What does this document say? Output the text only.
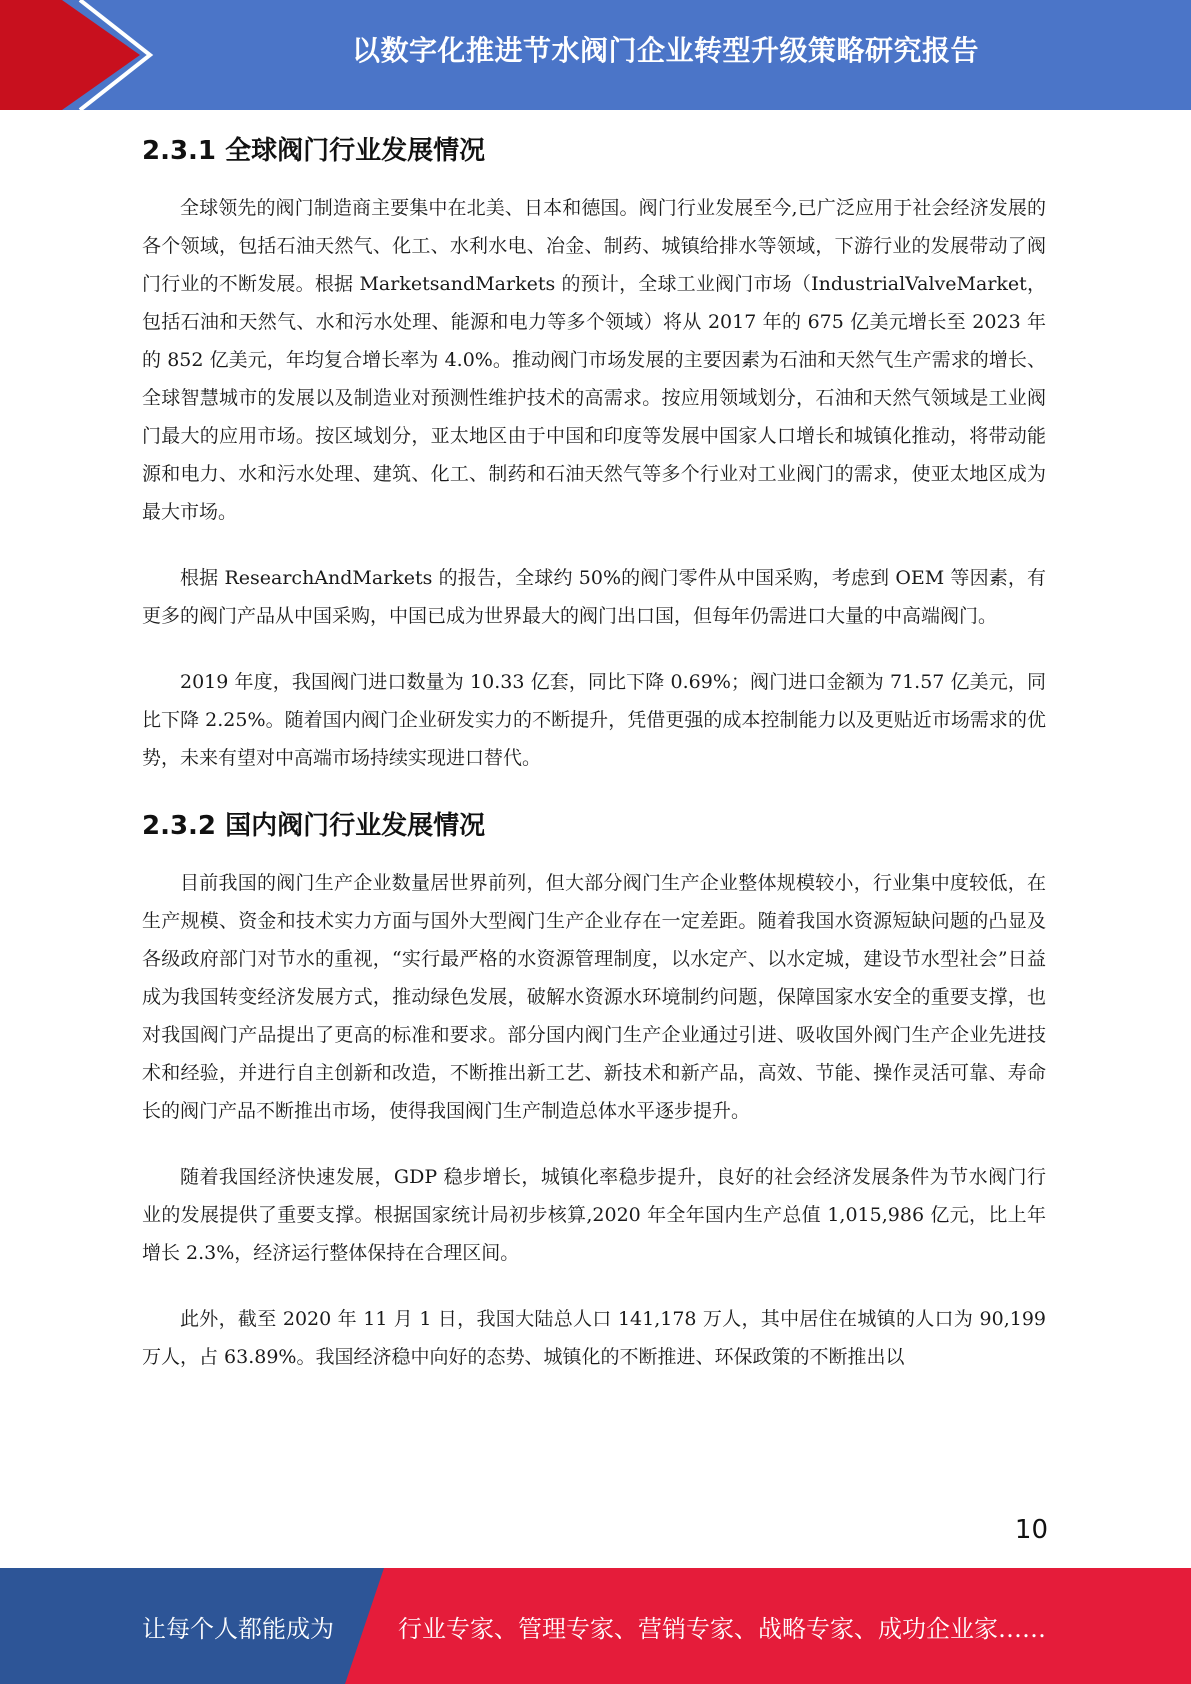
以数字化推进节水阀门企业转型升级策略研究报告
2.3.1 全球阀门行业发展情况

全球领先的阀门制造商主要集中在北美、日本和德国。阀门行业发展至今,已广泛应用于社会经济发展的各个领域，包括石油天然气、化工、水利水电、冶金、制药、城镇给排水等领域，下游行业的发展带动了阀门行业的不断发展。根据 MarketsandMarkets 的预计，全球工业阀门市场（IndustrialValveMarket，包括石油和天然气、水和污水处理、能源和电力等多个领域）将从 2017 年的 675 亿美元增长至 2023 年的 852 亿美元，年均复合增长率为 4.0%。推动阀门市场发展的主要因素为石油和天然气生产需求的增长、全球智慧城市的发展以及制造业对预测性维护技术的高需求。按应用领域划分，石油和天然气领域是工业阀门最大的应用市场。按区域划分，亚太地区由于中国和印度等发展中国家人口增长和城镇化推动，将带动能源和电力、水和污水处理、建筑、化工、制药和石油天然气等多个行业对工业阀门的需求，使亚太地区成为最大市场。

根据 ResearchAndMarkets 的报告，全球约 50%的阀门零件从中国采购，考虑到 OEM 等因素，有更多的阀门产品从中国采购，中国已成为世界最大的阀门出口国，但每年仍需进口大量的中高端阀门。

2019 年度，我国阀门进口数量为 10.33 亿套，同比下降 0.69%；阀门进口金额为 71.57 亿美元，同比下降 2.25%。随着国内阀门企业研发实力的不断提升，凭借更强的成本控制能力以及更贴近市场需求的优势，未来有望对中高端市场持续实现进口替代。

2.3.2 国内阀门行业发展情况

目前我国的阀门生产企业数量居世界前列，但大部分阀门生产企业整体规模较小，行业集中度较低，在生产规模、资金和技术实力方面与国外大型阀门生产企业存在一定差距。随着我国水资源短缺问题的凸显及各级政府部门对节水的重视，“实行最严格的水资源管理制度，以水定产、以水定城，建设节水型社会”日益成为我国转变经济发展方式，推动绿色发展，破解水资源水环境制约问题，保障国家水安全的重要支撑，也对我国阀门产品提出了更高的标准和要求。部分国内阀门生产企业通过引进、吸收国外阀门生产企业先进技术和经验，并进行自主创新和改造，不断推出新工艺、新技术和新产品，高效、节能、操作灵活可靠、寿命长的阀门产品不断推出市场，使得我国阀门生产制造总体水平逐步提升。

随着我国经济快速发展，GDP 稳步增长，城镇化率稳步提升，良好的社会经济发展条件为节水阀门行业的发展提供了重要支撑。根据国家统计局初步核算,2020 年全年国内生产总值 1,015,986 亿元，比上年增长 2.3%，经济运行整体保持在合理区间。

此外，截至 2020 年 11 月 1 日，我国大陆总人口 141,178 万人，其中居住在城镇的人口为 90,199 万人，占 63.89%。我国经济稳中向好的态势、城镇化的不断推进、环保政策的不断推出以

10
让每个人都能成为	行业专家、管理专家、营销专家、战略专家、成功企业家……
